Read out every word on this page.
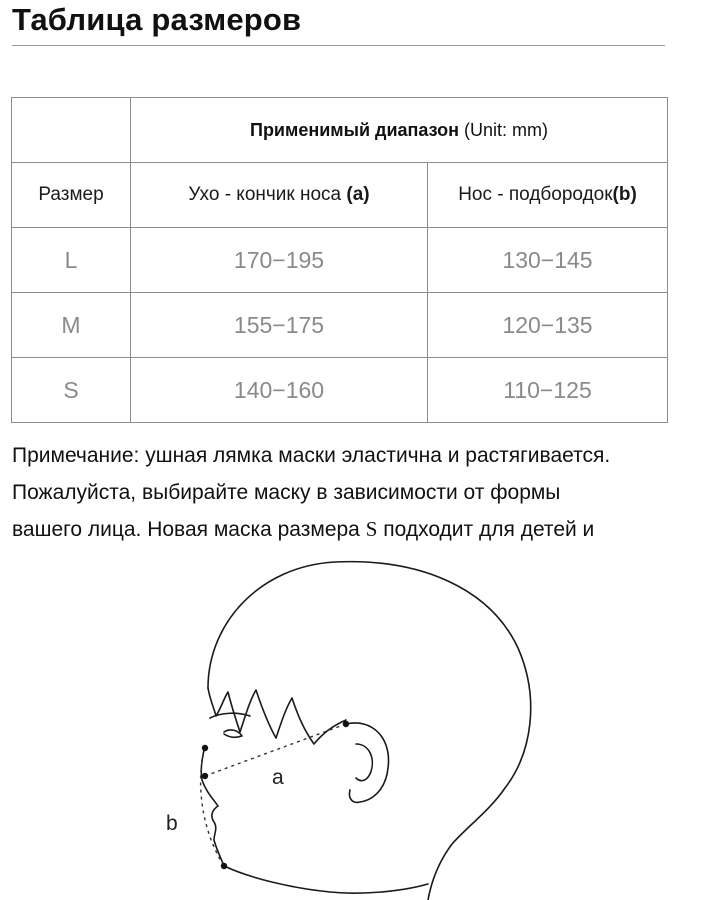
Таблица размеров
	Применимый диапазон (Unit: mm)	
Размер	Ухо - кончик носа (a)	Нос - подбородок(b)
L	170−195	130−145
M	155−175	120−135
S	140−160	110−125
Примечание: ушная лямка маски эластична и растягивается.
Пожалуйста, выбирайте маску в зависимости от формы
вашего лица. Новая маска размера S подходит для детей и
a
b
